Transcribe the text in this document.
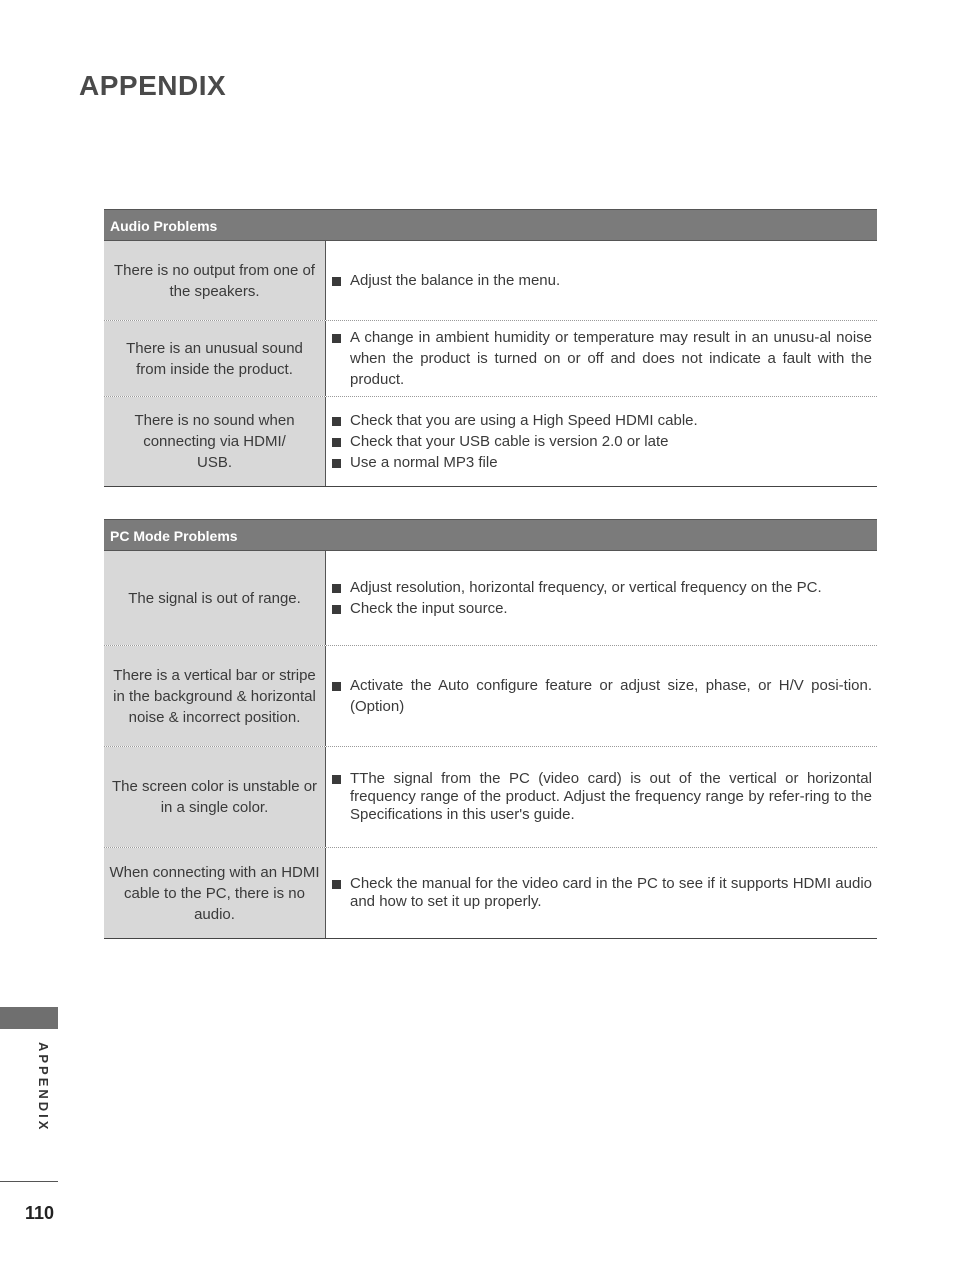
APPENDIX
Audio Problems
There is no output from one of the speakers.
Adjust the balance in the menu.
There is an unusual sound from inside the product.
A change in ambient humidity or temperature may result in an unusu-al noise when the product is turned on or off and does not indicate a fault with the product.
There is no sound when connecting via HDMI/ USB.
Check that you are using a High Speed HDMI cable.
Check that your USB cable is version 2.0 or late
Use a normal MP3 file
PC Mode Problems
The signal is out of range.
Adjust resolution, horizontal frequency, or vertical frequency on the PC.
Check the input source.
There is a vertical bar or stripe in the background & horizontal noise & incorrect position.
Activate the Auto configure feature or adjust size, phase, or H/V posi-tion. (Option)
The screen color is unstable or in a single color.
TThe signal from the PC (video card) is out of the vertical or horizontal frequency range of the product. Adjust the frequency range by refer-ring to the Specifications in this user's guide.
When connecting with an HDMI cable to the PC, there is no audio.
Check the manual for the video card in the PC to see if it supports HDMI audio and how to set it up properly.
APPENDIX
110
